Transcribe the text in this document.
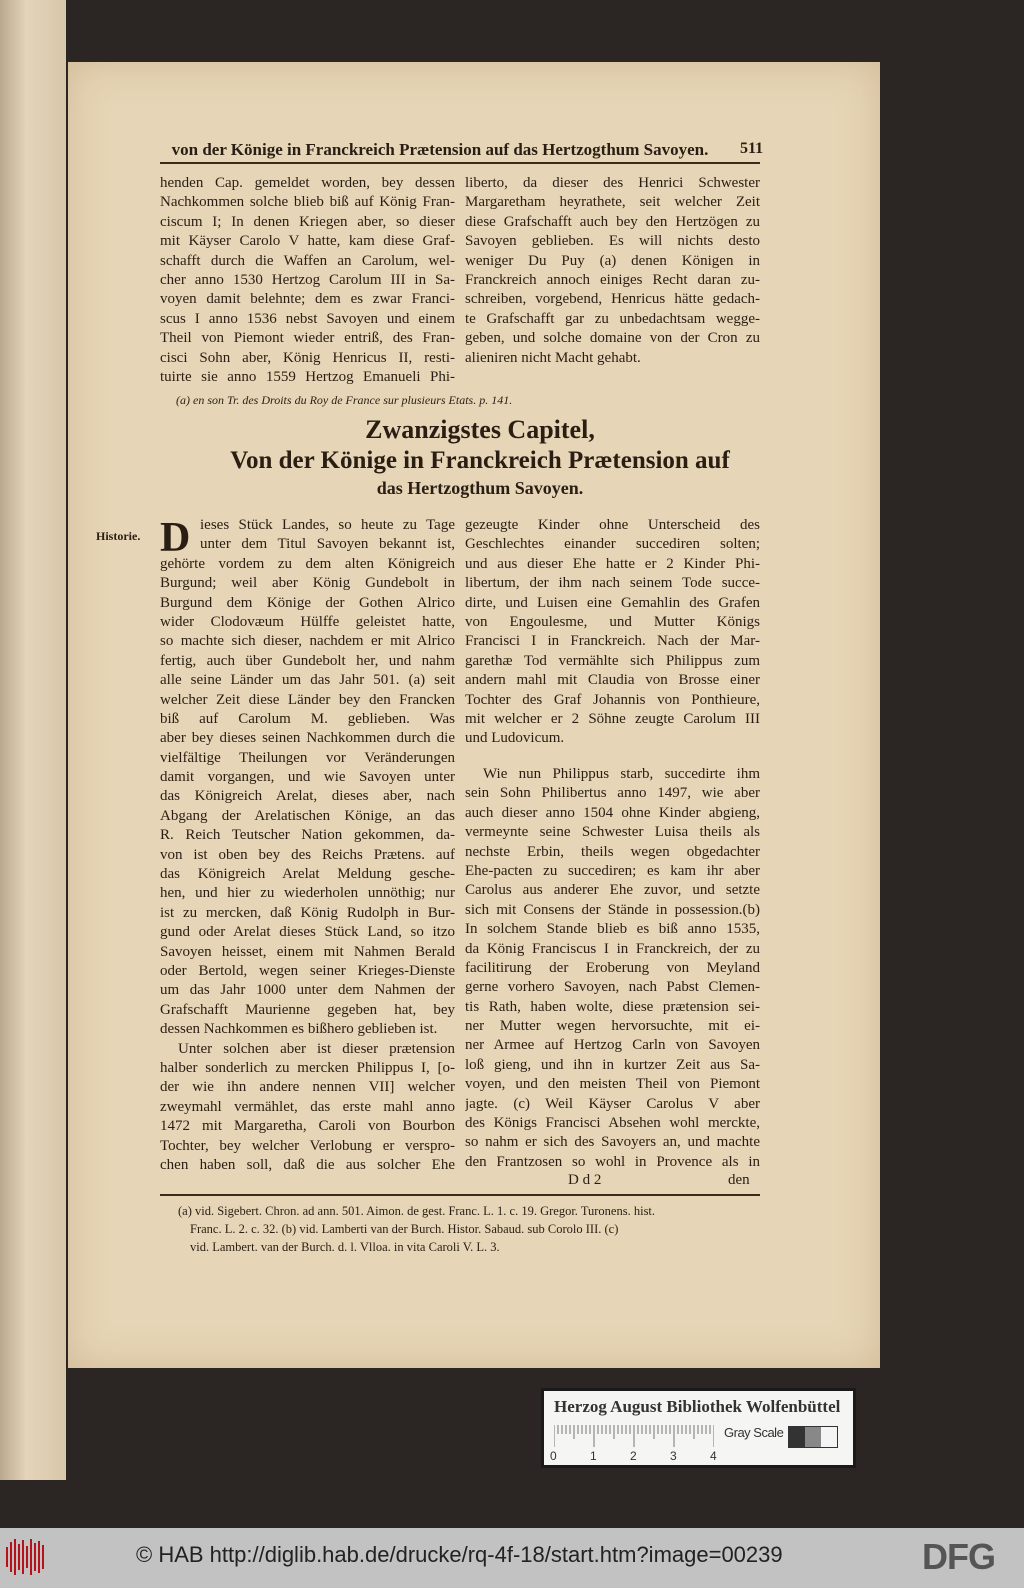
von der Könige in Franckreich Prætension auf das Hertzogthum Savoyen.	511
henden Cap. gemeldet worden, bey dessen
Nachkommen solche blieb biß auf König Fran-
ciscum I; In denen Kriegen aber, so dieser
mit Käyser Carolo V hatte, kam diese Graf-
schafft durch die Waffen an Carolum, wel-
cher anno 1530 Hertzog Carolum III in Sa-
voyen damit belehnte; dem es zwar Franci-
scus I anno 1536 nebst Savoyen und einem
Theil von Piemont wieder entriß, des Fran-
cisci Sohn aber, König Henricus II, resti-
tuirte sie anno 1559 Hertzog Emanueli Phi-
liberto, da dieser des Henrici Schwester
Margaretham heyrathete, seit welcher Zeit
diese Grafschafft auch bey den Hertzögen zu
Savoyen geblieben. Es will nichts desto
weniger Du Puy (a) denen Königen in
Franckreich annoch einiges Recht daran zu-
schreiben, vorgebend, Henricus hätte gedach-
te Grafschafft gar zu unbedachtsam wegge-
geben, und solche domaine von der Cron zu
alieniren nicht Macht gehabt.
(a) en son Tr. des Droits du Roy de France sur plusieurs Etats. p. 141.
Zwanzigstes Capitel,
Von der Könige in Franckreich Prætension auf
das Hertzogthum Savoyen.
Historie. D ieses Stück Landes, so heute zu Tage
unter dem Titul Savoyen bekannt ist,
gehörte vordem zu dem alten Königreich
Burgund; weil aber König Gundebolt in
Burgund dem Könige der Gothen Alrico
wider Clodovæum Hülffe geleistet hatte,
so machte sich dieser, nachdem er mit Alrico
fertig, auch über Gundebolt her, und nahm
alle seine Länder um das Jahr 501. (a) seit
welcher Zeit diese Länder bey den Francken
biß auf Carolum M. geblieben. Was
aber bey dieses seinen Nachkommen durch die
vielfältige Theilungen vor Veränderungen
damit vorgangen, und wie Savoyen unter
das Königreich Arelat, dieses aber, nach
Abgang der Arelatischen Könige, an das
R. Reich Teutscher Nation gekommen, da-
von ist oben bey des Reichs Prætens. auf
das Königreich Arelat Meldung gesche-
hen, und hier zu wiederholen unnöthig; nur
ist zu mercken, daß König Rudolph in Bur-
gund oder Arelat dieses Stück Land, so itzo
Savoyen heisset, einem mit Nahmen Berald
oder Bertold, wegen seiner Krieges-Dienste
um das Jahr 1000 unter dem Nahmen der
Grafschafft Maurienne gegeben hat, bey
dessen Nachkommen es bißhero geblieben ist.
Unter solchen aber ist dieser prætension
halber sonderlich zu mercken Philippus I, [o-
der wie ihn andere nennen VII] welcher
zweymahl vermählet, das erste mahl anno
1472 mit Margaretha, Caroli von Bourbon
Tochter, bey welcher Verlobung er verspro-
chen haben soll, daß die aus solcher Ehe
gezeugte Kinder ohne Unterscheid des
Geschlechtes einander succediren solten;
und aus dieser Ehe hatte er 2 Kinder Phi-
libertum, der ihm nach seinem Tode succe-
dirte, und Luisen eine Gemahlin des Grafen
von Engoulesme, und Mutter Königs
Francisci I in Franckreich. Nach der Mar-
garethæ Tod vermählte sich Philippus zum
andern mahl mit Claudia von Brosse einer
Tochter des Graf Johannis von Ponthieure,
mit welcher er 2 Söhne zeugte Carolum III
und Ludovicum.
Wie nun Philippus starb, succedirte ihm
sein Sohn Philibertus anno 1497, wie aber
auch dieser anno 1504 ohne Kinder abgieng,
vermeynte seine Schwester Luisa theils als
nechste Erbin, theils wegen obgedachter
Ehe-pacten zu succediren; es kam ihr aber
Carolus aus anderer Ehe zuvor, und setzte
sich mit Consens der Stände in possession.(b)
In solchem Stande blieb es biß anno 1535,
da König Franciscus I in Franckreich, der zu
facilitirung der Eroberung von Meyland
gerne vorhero Savoyen, nach Pabst Clemen-
tis Rath, haben wolte, diese prætension sei-
ner Mutter wegen hervorsuchte, mit ei-
ner Armee auf Hertzog Carln von Savoyen
loß gieng, und ihn in kurtzer Zeit aus Sa-
voyen, und den meisten Theil von Piemont
jagte. (c) Weil Käyser Carolus V aber
des Königs Francisci Absehen wohl merckte,
so nahm er sich des Savoyers an, und machte
den Frantzosen so wohl in Provence als in
D d 2	den
(a) vid. Sigebert. Chron. ad ann. 501. Aimon. de gest. Franc. L. 1. c. 19. Gregor. Turonens. hist.
Franc. L. 2. c. 32. (b) vid. Lamberti van der Burch. Histor. Sabaud. sub Corolo III. (c)
vid. Lambert. van der Burch. d. l. Vlloa. in vita Caroli V. L. 3.
Herzog August Bibliothek Wolfenbüttel
Gray Scale
0	1	2	3	4
© HAB http://diglib.hab.de/drucke/rq-4f-18/start.htm?image=00239	DFG
